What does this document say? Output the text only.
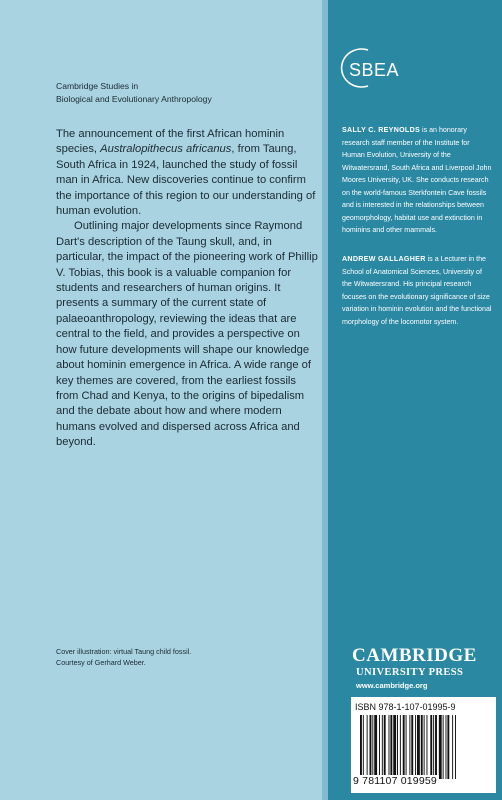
Cambridge Studies in
Biological and Evolutionary Anthropology

The announcement of the first African hominin species, Australopithecus africanus, from Taung, South Africa in 1924, launched the study of fossil man in Africa. New discoveries continue to confirm the importance of this region to our understanding of human evolution.

Outlining major developments since Raymond Dart's description of the Taung skull, and, in particular, the impact of the pioneering work of Phillip V. Tobias, this book is a valuable companion for students and researchers of human origins. It presents a summary of the current state of palaeoanthropology, reviewing the ideas that are central to the field, and provides a perspective on how future developments will shape our knowledge about hominin emergence in Africa. A wide range of key themes are covered, from the earliest fossils from Chad and Kenya, to the origins of bipedalism and the debate about how and where modern humans evolved and dispersed across Africa and beyond.

Cover illustration: virtual Taung child fossil.
Courtesy of Gerhard Weber.
SBEA
SALLY C. REYNOLDS is an honorary research staff member of the Institute for Human Evolution, University of the Witwatersrand, South Africa and Liverpool John Moores University, UK. She conducts research on the world-famous Sterkfontein Cave fossils and is interested in the relationships between geomorphology, habitat use and extinction in hominins and other mammals.
ANDREW GALLAGHER is a Lecturer in the School of Anatomical Sciences, University of the Witwatersrand. His principal research focuses on the evolutionary significance of size variation in hominin evolution and the functional morphology of the locomotor system.
CAMBRIDGE
UNIVERSITY PRESS
www.cambridge.org
ISBN 978-1-107-01995-9
9 781107 019959
